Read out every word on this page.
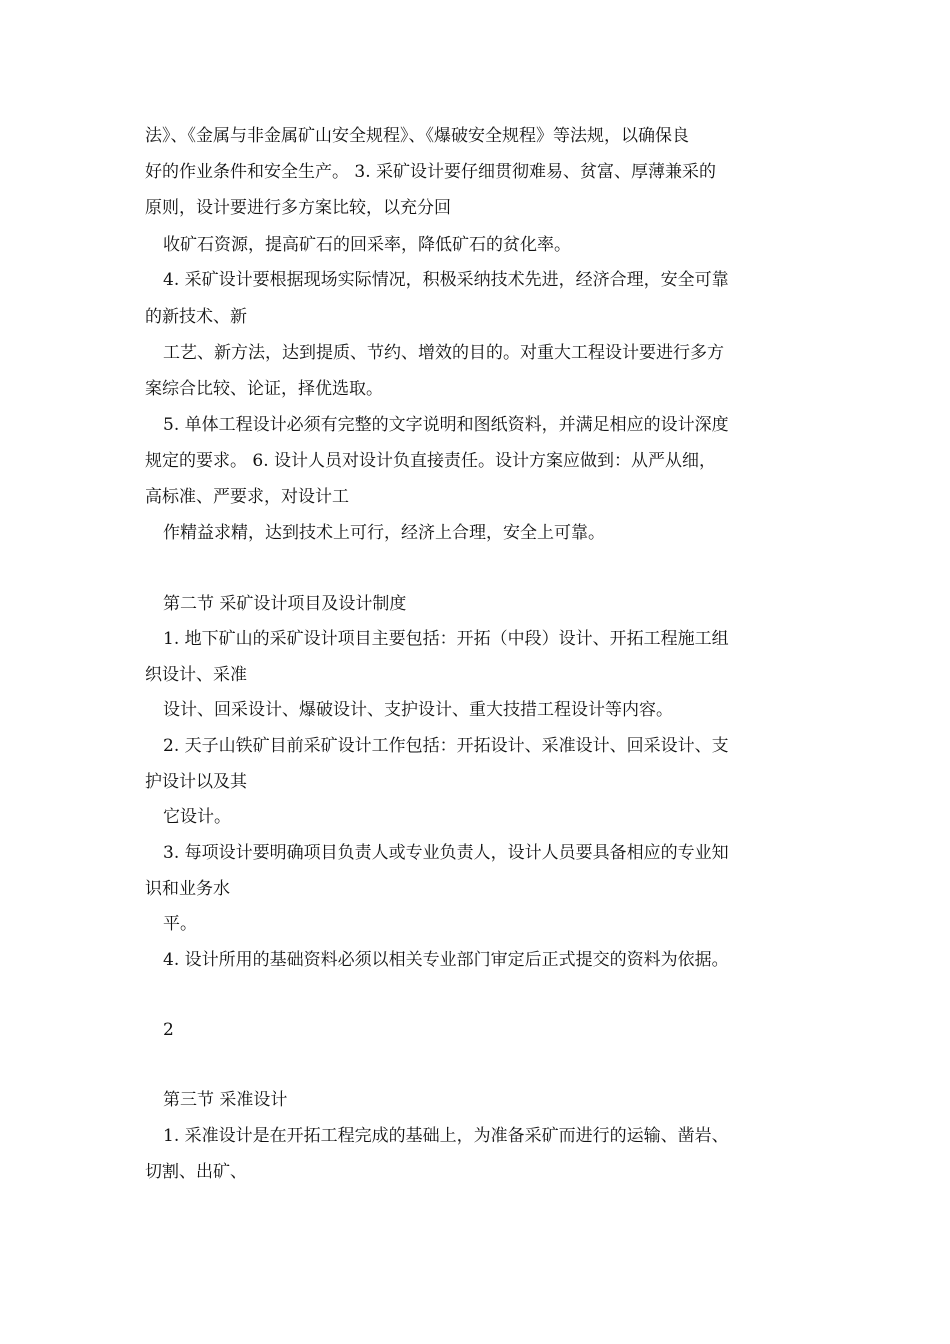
法》、《金属与非金属矿山安全规程》、《爆破安全规程》等法规，以确保良
好的作业条件和安全生产。 3. 采矿设计要仔细贯彻难易、贫富、厚薄兼采的
原则，设计要进行多方案比较，以充分回
收矿石资源，提高矿石的回采率，降低矿石的贫化率。
4. 采矿设计要根据现场实际情况，积极采纳技术先进，经济合理，安全可靠
的新技术、新
工艺、新方法，达到提质、节约、增效的目的。对重大工程设计要进行多方
案综合比较、论证，择优选取。
5. 单体工程设计必须有完整的文字说明和图纸资料，并满足相应的设计深度
规定的要求。 6. 设计人员对设计负直接责任。设计方案应做到：从严从细，
高标准、严要求，对设计工
作精益求精，达到技术上可行，经济上合理，安全上可靠。
第二节 采矿设计项目及设计制度
1. 地下矿山的采矿设计项目主要包括：开拓（中段）设计、开拓工程施工组
织设计、采准
设计、回采设计、爆破设计、支护设计、重大技措工程设计等内容。
2. 天子山铁矿目前采矿设计工作包括：开拓设计、采准设计、回采设计、支
护设计以及其
它设计。
3. 每项设计要明确项目负责人或专业负责人，设计人员要具备相应的专业知
识和业务水
平。
4. 设计所用的基础资料必须以相关专业部门审定后正式提交的资料为依据。
2
第三节 采准设计
1. 采准设计是在开拓工程完成的基础上，为准备采矿而进行的运输、凿岩、
切割、出矿、
